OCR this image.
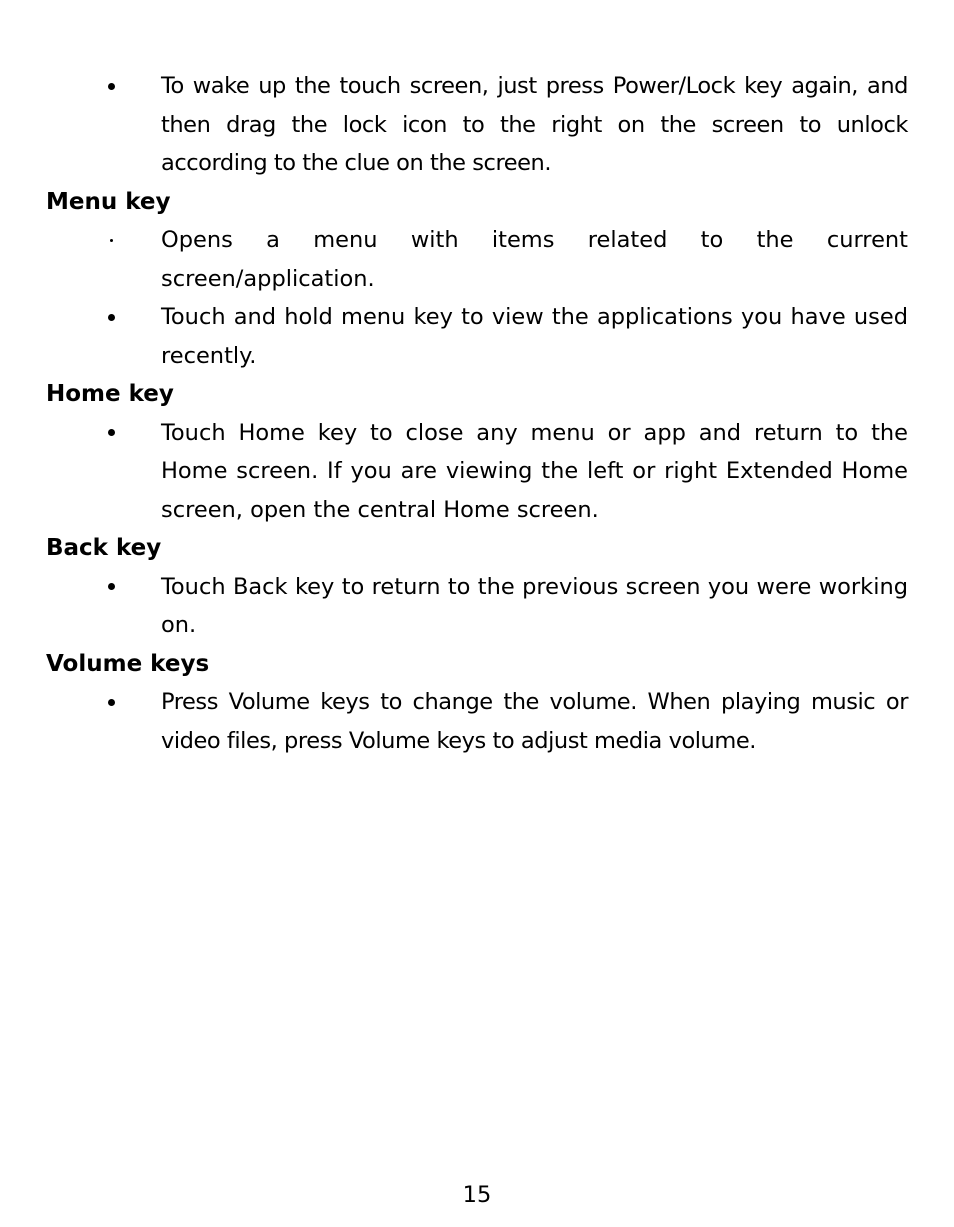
To wake up the touch screen, just press Power/Lock key again, and then drag the lock icon to the right on the screen to unlock according to the clue on the screen.

Menu key

Opens a menu with items related to the current screen/application.

Touch and hold menu key to view the applications you have used recently.

Home key

Touch Home key to close any menu or app and return to the Home screen. If you are viewing the left or right Extended Home screen, open the central Home screen.

Back key

Touch Back key to return to the previous screen you were working on.

Volume keys

Press Volume keys to change the volume. When playing music or video files, press Volume keys to adjust media volume.

15
